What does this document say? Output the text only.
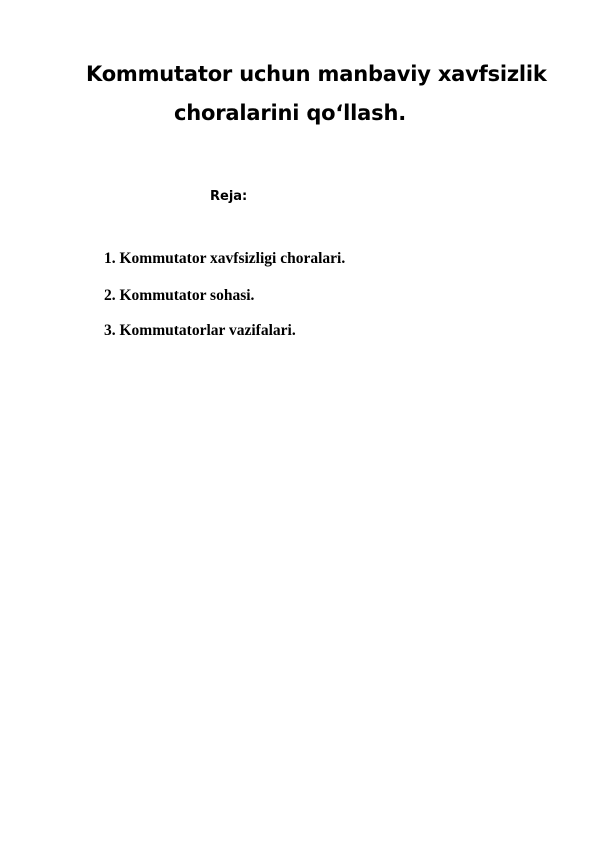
Kommutator uchun manbaviy xavfsizlik
choralarini qo‘llash.
Reja:
1. Kommutator xavfsizligi choralari.
2. Kommutator sohasi.
3. Kommutatorlar vazifalari.
